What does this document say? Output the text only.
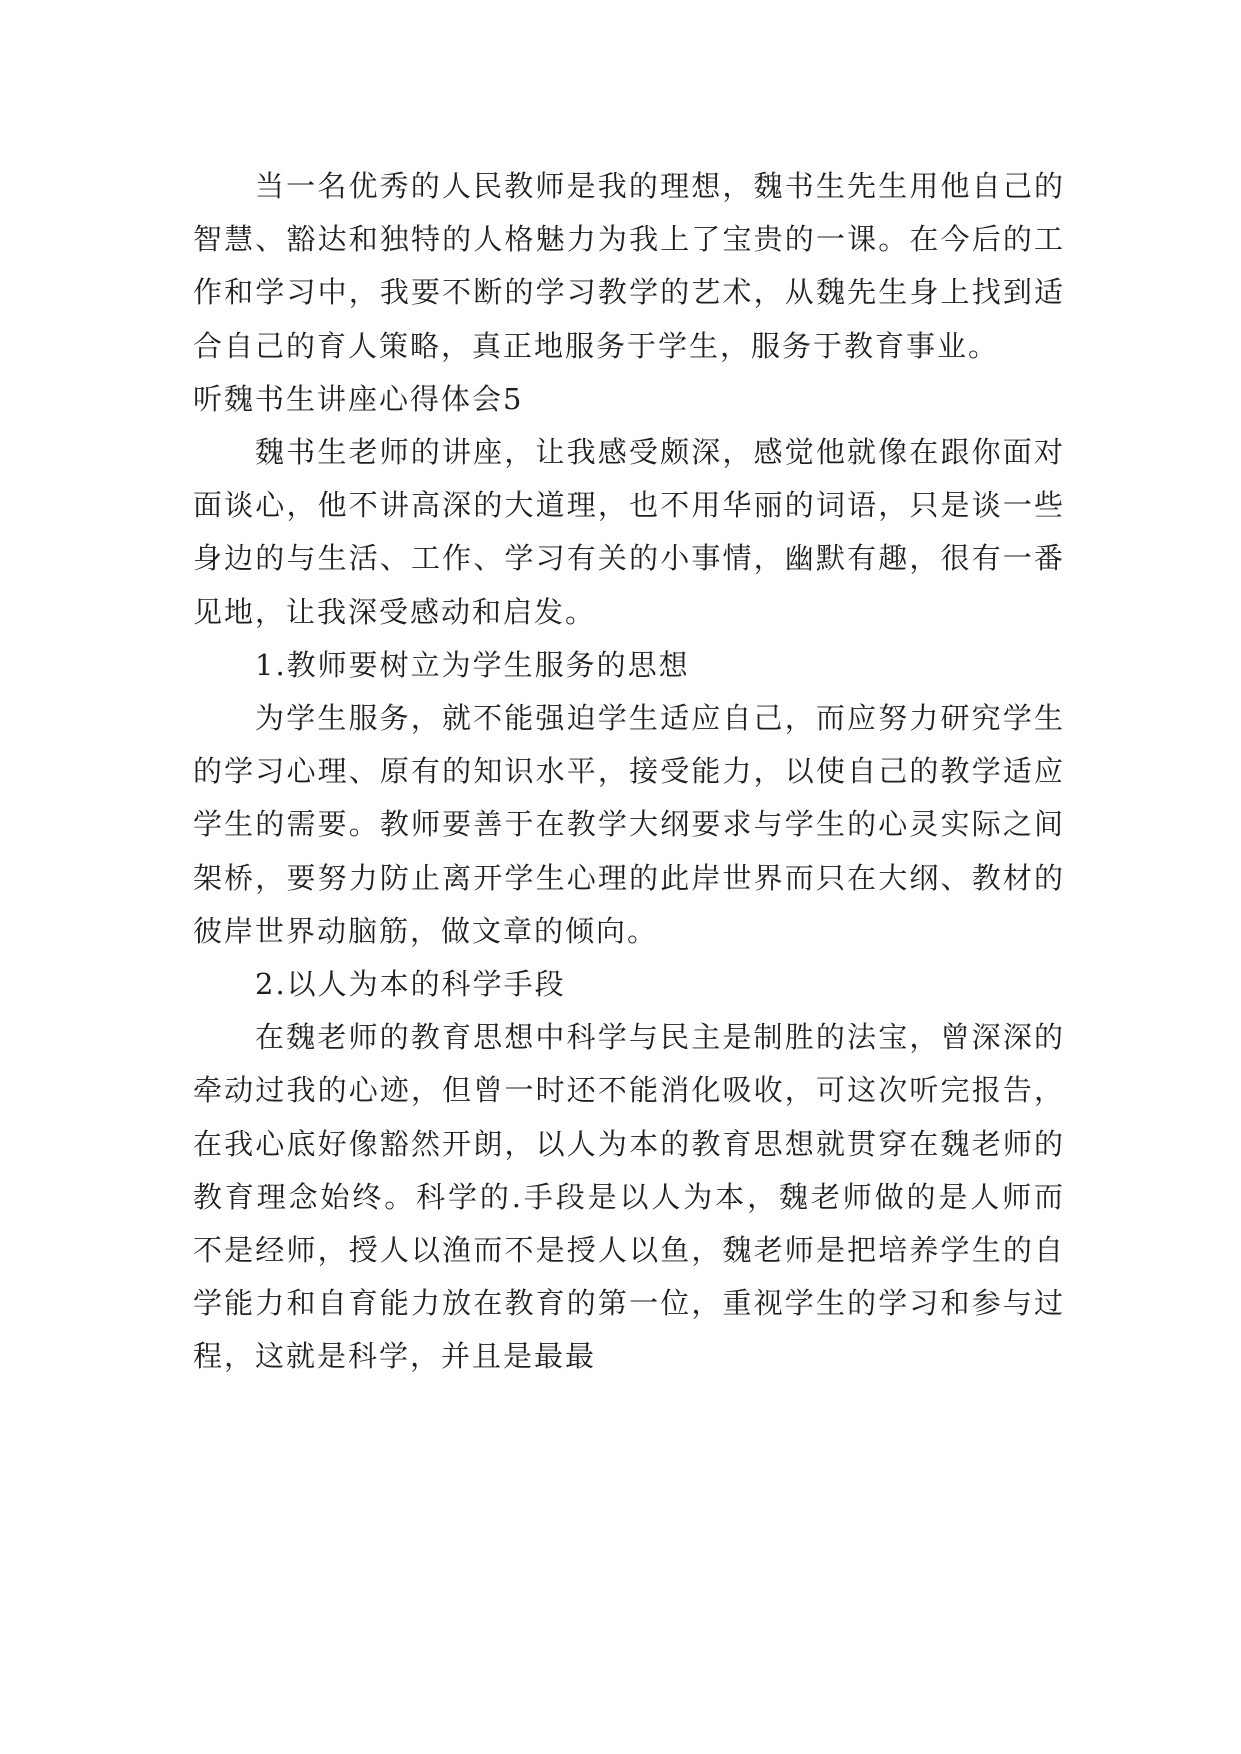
当一名优秀的人民教师是我的理想，魏书生先生用他自己的智慧、豁达和独特的人格魅力为我上了宝贵的一课。在今后的工作和学习中，我要不断的学习教学的艺术，从魏先生身上找到适合自己的育人策略，真正地服务于学生，服务于教育事业。

听魏书生讲座心得体会5

魏书生老师的讲座，让我感受颇深，感觉他就像在跟你面对面谈心，他不讲高深的大道理，也不用华丽的词语，只是谈一些身边的与生活、工作、学习有关的小事情，幽默有趣，很有一番见地，让我深受感动和启发。

1.教师要树立为学生服务的思想

为学生服务，就不能强迫学生适应自己，而应努力研究学生的学习心理、原有的知识水平，接受能力，以使自己的教学适应学生的需要。教师要善于在教学大纲要求与学生的心灵实际之间架桥，要努力防止离开学生心理的此岸世界而只在大纲、教材的彼岸世界动脑筋，做文章的倾向。

2.以人为本的科学手段

在魏老师的教育思想中科学与民主是制胜的法宝，曾深深的牵动过我的心迹，但曾一时还不能消化吸收，可这次听完报告，在我心底好像豁然开朗，以人为本的教育思想就贯穿在魏老师的教育理念始终。科学的.手段是以人为本，魏老师做的是人师而不是经师，授人以渔而不是授人以鱼，魏老师是把培养学生的自学能力和自育能力放在教育的第一位，重视学生的学习和参与过程，这就是科学，并且是最最
